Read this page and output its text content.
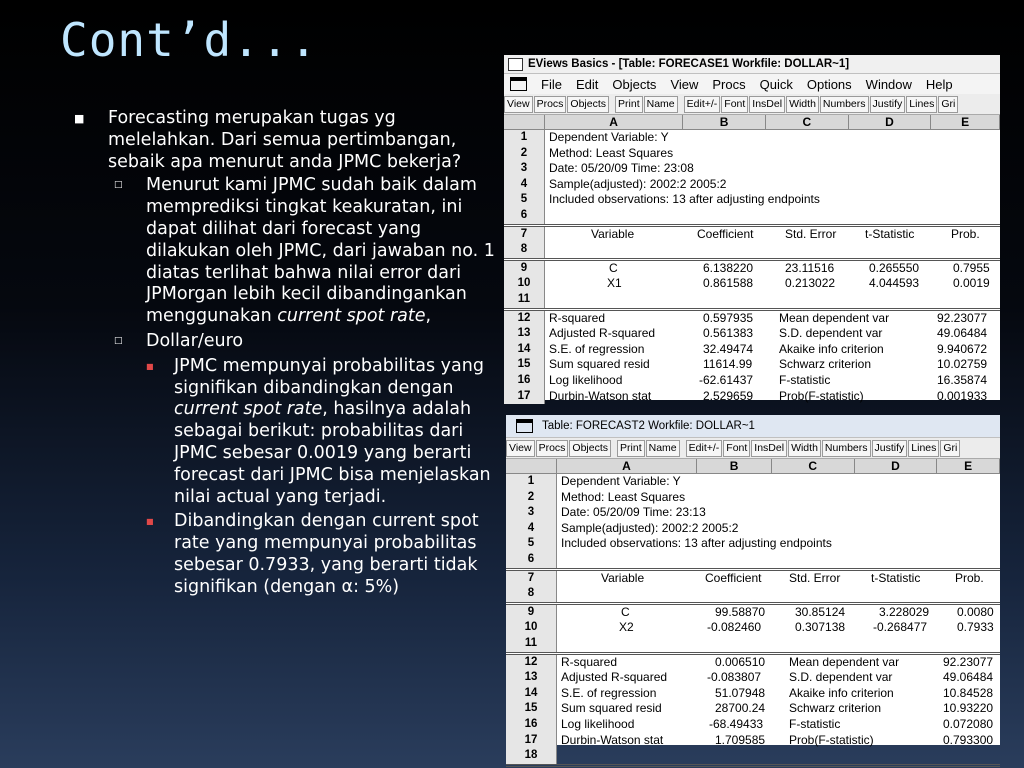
Cont’d...
■ Forecasting merupakan tugas yg melelahkan. Dari semua pertimbangan, sebaik apa menurut anda JPMC bekerja?
□ Menurut kami JPMC sudah baik dalam memprediksi tingkat keakuratan, ini dapat dilihat dari forecast yang dilakukan oleh JPMC, dari jawaban no. 1 diatas terlihat bahwa nilai error dari JPMorgan lebih kecil dibandingankan menggunakan current spot rate,
□ Dollar/euro
■ JPMC mempunyai probabilitas yang signifikan dibandingkan dengan current spot rate, hasilnya adalah sebagai berikut: probabilitas dari JPMC sebesar 0.0019 yang berarti forecast dari JPMC bisa menjelaskan nilai actual yang terjadi.
■ Dibandingkan dengan current spot rate yang mempunyai probabilitas sebesar 0.7933, yang berarti tidak signifikan (dengan α: 5%)
EViews Basics - [Table: FORECASE1 Workfile: DOLLAR~1]
File Edit Objects View Procs Quick Options Window Help
View Procs Objects Print Name Edit+/- Font InsDel Width Numbers Justify Lines Gri
A	B	C	D	E
1	Dependent Variable: Y
2	Method: Least Squares
3	Date: 05/20/09 Time: 23:08
4	Sample(adjusted): 2002:2 2005:2
5	Included observations: 13 after adjusting endpoints
6
7	Variable	Coefficient	Std. Error t-Statistic	Prob.
8
9	C	6.138220	23.11516	0.265550	0.7955
10	X1	0.861588	0.213022	4.044593	0.0019
11
12	R-squared	0.597935 Mean dependent var	92.23077
13	Adjusted R-squared	0.561383 S.D. dependent var	49.06484
14	S.E. of regression	32.49474 Akaike info criterion	9.940672
15	Sum squared resid	11614.99 Schwarz criterion	10.02759
16	Log likelihood	-62.61437 F-statistic	16.35874
17	Durbin-Watson stat	2.529659 Prob(F-statistic)	0.001933
Table: FORECAST2 Workfile: DOLLAR~1
View Procs Objects Print Name Edit+/- Font InsDel Width Numbers Justify Lines Gri
A	B	C	D	E
1	Dependent Variable: Y
2	Method: Least Squares
3	Date: 05/20/09 Time: 23:13
4	Sample(adjusted): 2002:2 2005:2
5	Included observations: 13 after adjusting endpoints
6
7	Variable	Coefficient Std. Error	t-Statistic	Prob.
8
9	C	99.58870 30.85124	3.228029 0.0080
10	X2	-0.082460	0.307138 -0.268477 0.7933
11
12	R-squared	0.006510 Mean dependent var	92.23077
13	Adjusted R-squared	-0.083807 S.D. dependent var	49.06484
14	S.E. of regression	51.07948 Akaike info criterion	10.84528
15	Sum squared resid	28700.24 Schwarz criterion	10.93220
16	Log likelihood	-68.49433 F-statistic	0.072080
17	Durbin-Watson stat	1.709585 Prob(F-statistic)	0.793300
18
